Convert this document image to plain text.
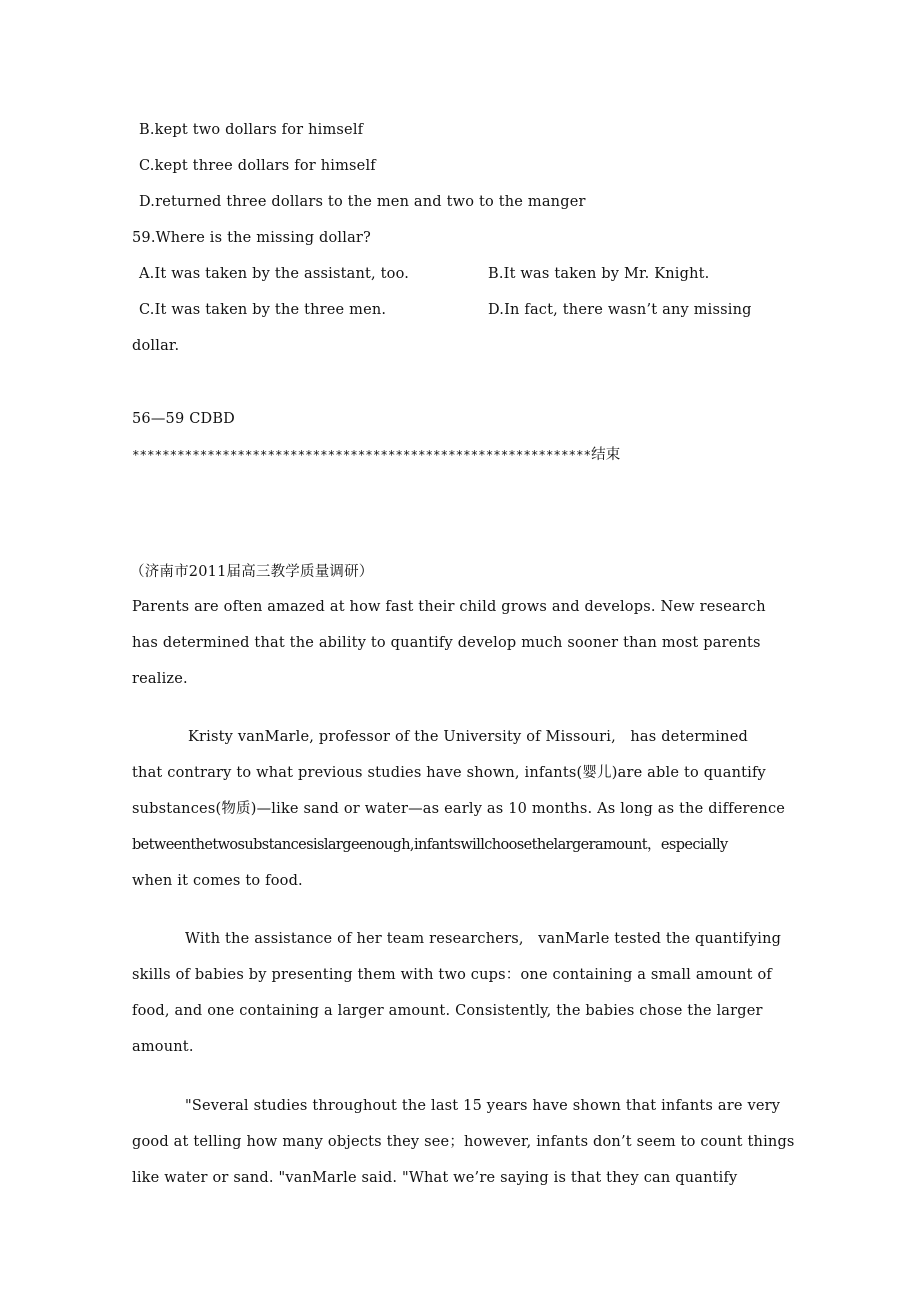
B.kept two dollars for himself
C.kept three dollars for himself
D.returned three dollars to the men and two to the manger
59.Where is the missing dollar?
A.It was taken by the assistant, too.	B.It was taken by Mr. Knight.
C.It was taken by the three men.	D.In fact, there wasn’t any missing
dollar.
56—59 CDBD
*************************************************************结束
（济南市2011届高三教学质量调研）
Parents are often amazed at how fast their child grows and develops. New research
has determined that the ability to quantify develop much sooner than most parents
realize.
Kristy vanMarle, professor of the University of Missouri,   has determined
that contrary to what previous studies have shown, infants(婴儿)are able to quantify
substances(物质)—like sand or water—as early as 10 months. As long as the difference
betweenthetwosubstancesislargeenough,infantswillchoosethelargeramount，especially
when it comes to food.
With the assistance of her team researchers,   vanMarle tested the quantifying
skills of babies by presenting them with two cups：one containing a small amount of
food, and one containing a larger amount. Consistently, the babies chose the larger
amount.
"Several studies throughout the last 15 years have shown that infants are very
good at telling how many objects they see；however, infants don’t seem to count things
like water or sand. "vanMarle said. "What we’re saying is that they can quantify
